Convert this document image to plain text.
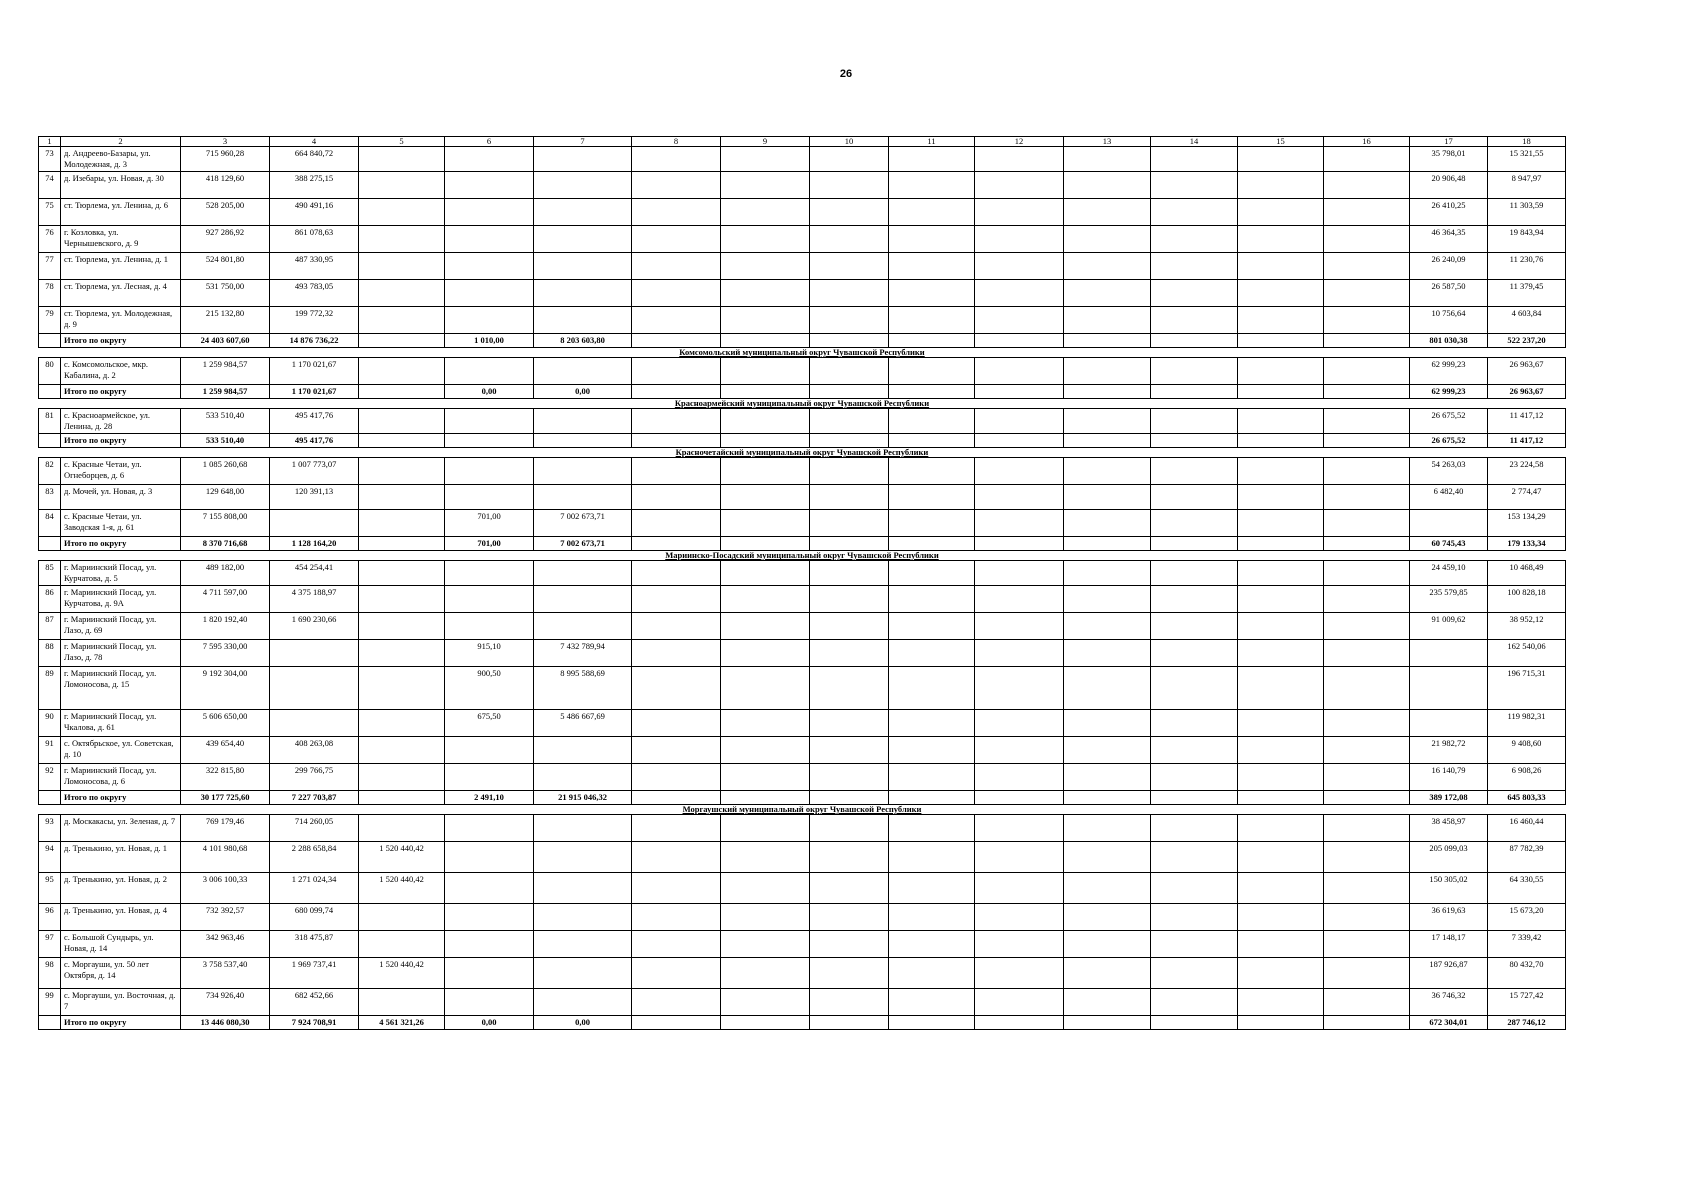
26
1	2	3	4	5	6	7	8	9	10	11	12	13	14	15	16	17	18
73	д. Андреево-Базары, ул. Молодежная, д. 3	715 960,28	664 840,72													35 798,01	15 321,55
74	д. Изебары, ул. Новая, д. 30	418 129,60	388 275,15													20 906,48	8 947,97
75	ст. Тюрлема, ул. Ленина, д. 6	528 205,00	490 491,16													26 410,25	11 303,59
76	г. Козловка, ул. Чернышевского, д. 9	927 286,92	861 078,63													46 364,35	19 843,94
77	ст. Тюрлема, ул. Ленина, д. 1	524 801,80	487 330,95													26 240,09	11 230,76
78	ст. Тюрлема, ул. Лесная, д. 4	531 750,00	493 783,05													26 587,50	11 379,45
79	ст. Тюрлема, ул. Молодежная, д. 9	215 132,80	199 772,32													10 756,64	4 603,84
	Итого по округу	24 403 607,60	14 876 736,22		1 010,00	8 203 603,80										801 030,38	522 237,20
Комсомольский муниципальный округ Чувашской Республики																	
80	с. Комсомольское, мкр. Кабалина, д. 2	1 259 984,57	1 170 021,67													62 999,23	26 963,67
	Итого по округу	1 259 984,57	1 170 021,67		0,00	0,00										62 999,23	26 963,67
Красноармейский муниципальный округ Чувашской Республики																	
81	с. Красноармейское, ул. Ленина, д. 28	533 510,40	495 417,76													26 675,52	11 417,12
	Итого по округу	533 510,40	495 417,76													26 675,52	11 417,12
Красночетайский муниципальный округ Чувашской Республики																	
82	с. Красные Четаи, ул. Огнеборцев, д. 6	1 085 260,68	1 007 773,07													54 263,03	23 224,58
83	д. Мочей, ул. Новая, д. 3	129 648,00	120 391,13													6 482,40	2 774,47
84	с. Красные Четаи, ул. Заводская 1-я, д. 61	7 155 808,00			701,00	7 002 673,71											153 134,29
	Итого по округу	8 370 716,68	1 128 164,20		701,00	7 002 673,71										60 745,43	179 133,34
Мариинско-Посадский муниципальный округ Чувашской Республики																	
85	г. Мариинский Посад, ул. Курчатова, д. 5	489 182,00	454 254,41													24 459,10	10 468,49
86	г. Мариинский Посад, ул. Курчатова, д. 9А	4 711 597,00	4 375 188,97													235 579,85	100 828,18
87	г. Мариинский Посад, ул. Лазо, д. 69	1 820 192,40	1 690 230,66													91 009,62	38 952,12
88	г. Мариинский Посад, ул. Лазо, д. 78	7 595 330,00			915,10	7 432 789,94											162 540,06
89	г. Мариинский Посад, ул. Ломоносова, д. 15	9 192 304,00			900,50	8 995 588,69											196 715,31
90	г. Мариинский Посад, ул. Чкалова, д. 61	5 606 650,00			675,50	5 486 667,69											119 982,31
91	с. Октябрьское, ул. Советская, д. 10	439 654,40	408 263,08													21 982,72	9 408,60
92	г. Мариинский Посад, ул. Ломоносова, д. 6	322 815,80	299 766,75													16 140,79	6 908,26
	Итого по округу	30 177 725,60	7 227 703,87		2 491,10	21 915 046,32										389 172,08	645 803,33
Моргаушский муниципальный округ Чувашской Республики																	
93	д. Москакасы, ул. Зеленая, д. 7	769 179,46	714 260,05													38 458,97	16 460,44
94	д. Тренькино, ул. Новая, д. 1	4 101 980,68	2 288 658,84	1 520 440,42												205 099,03	87 782,39
95	д. Тренькино, ул. Новая, д. 2	3 006 100,33	1 271 024,34	1 520 440,42												150 305,02	64 330,55
96	д. Тренькино, ул. Новая, д. 4	732 392,57	680 099,74													36 619,63	15 673,20
97	с. Большой Сундырь, ул. Новая, д. 14	342 963,46	318 475,87													17 148,17	7 339,42
98	с. Моргауши, ул. 50 лет Октября, д. 14	3 758 537,40	1 969 737,41	1 520 440,42												187 926,87	80 432,70
99	с. Моргауши, ул. Восточная, д. 7	734 926,40	682 452,66													36 746,32	15 727,42
	Итого по округу	13 446 080,30	7 924 708,91	4 561 321,26	0,00	0,00										672 304,01	287 746,12
